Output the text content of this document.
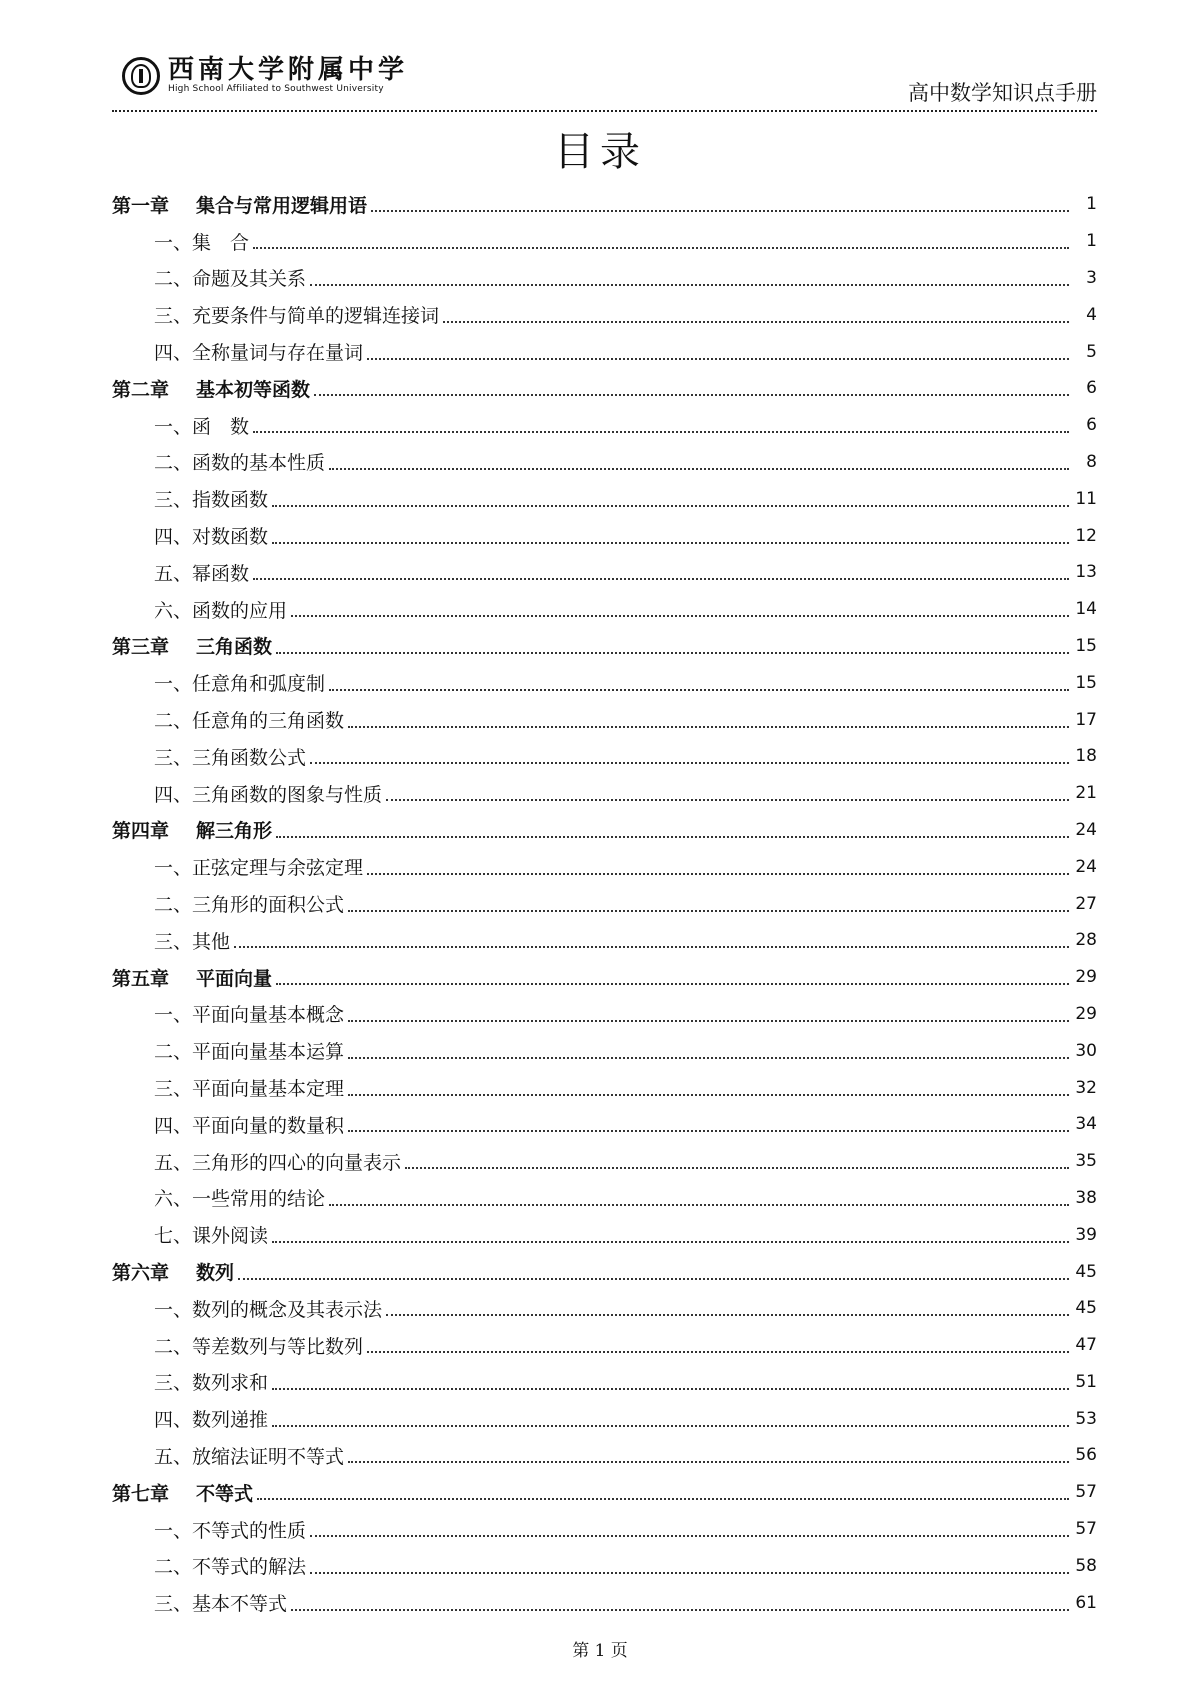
西南大学附属中学
High School Affiliated to Southwest University	高中数学知识点手册
目录
第一章	集合与常用逻辑用语	1
一、集　合	1
二、命题及其关系	3
三、充要条件与简单的逻辑连接词	4
四、全称量词与存在量词	5
第二章	基本初等函数	6
一、函　数	6
二、函数的基本性质	8
三、指数函数	11
四、对数函数	12
五、幂函数	13
六、函数的应用	14
第三章	三角函数	15
一、任意角和弧度制	15
二、任意角的三角函数	17
三、三角函数公式	18
四、三角函数的图象与性质	21
第四章	解三角形	24
一、正弦定理与余弦定理	24
二、三角形的面积公式	27
三、其他	28
第五章	平面向量	29
一、平面向量基本概念	29
二、平面向量基本运算	30
三、平面向量基本定理	32
四、平面向量的数量积	34
五、三角形的四心的向量表示	35
六、一些常用的结论	38
七、课外阅读	39
第六章	数列	45
一、数列的概念及其表示法	45
二、等差数列与等比数列	47
三、数列求和	51
四、数列递推	53
五、放缩法证明不等式	56
第七章	不等式	57
一、不等式的性质	57
二、不等式的解法	58
三、基本不等式	61
第 1 页
